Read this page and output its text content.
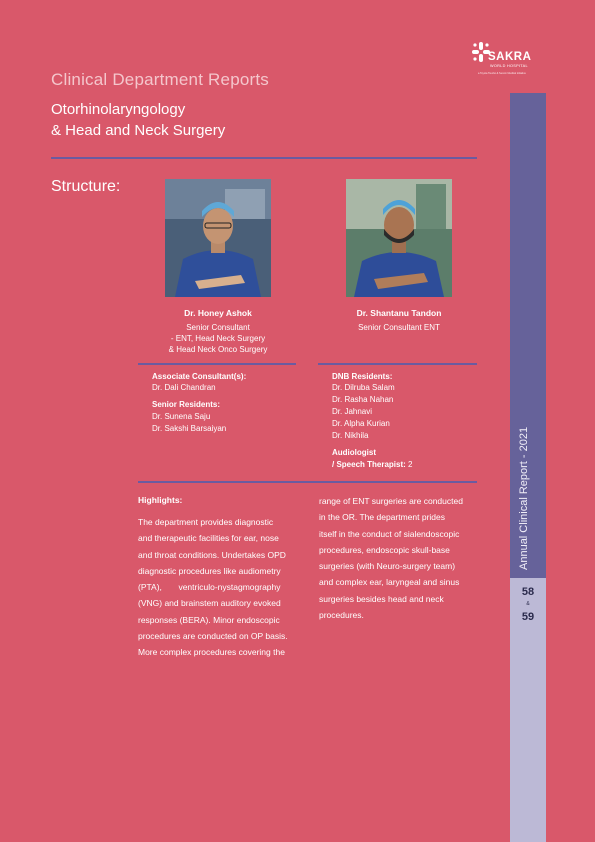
Clinical Department Reports
Otorhinolaryngology
& Head and Neck Surgery
SAKRA
WORLD HOSPITAL
a Toyota Tsusho & Secom Medical initiative
Structure:
Dr. Honey Ashok
Senior Consultant
- ENT, Head Neck Surgery
& Head Neck Onco Surgery
Dr. Shantanu Tandon
Senior Consultant ENT
Associate Consultant(s):
Dr. Dali Chandran
Senior Residents:
Dr. Sunena Saju
Dr. Sakshi Barsaiyan
DNB Residents:
Dr. Dilruba Salam
Dr. Rasha Nahan
Dr. Jahnavi
Dr. Alpha Kurian
Dr. Nikhila
Audiologist
/ Speech Therapist: 2
Highlights:
The department provides diagnostic
and therapeutic facilities for ear, nose
and throat conditions. Undertakes OPD
diagnostic procedures like audiometry
(PTA),       ventriculo-nystagmography
(VNG) and brainstem auditory evoked
responses (BERA). Minor endoscopic
procedures are conducted on OP basis.
More complex procedures covering the
range of ENT surgeries are conducted
in the OR. The department prides
itself in the conduct of sialendoscopic
procedures, endoscopic skull-base
surgeries (with Neuro-surgery team)
and complex ear, laryngeal and sinus
surgeries besides head and neck
procedures.
Annual Clinical Report - 2021
58
&
59
